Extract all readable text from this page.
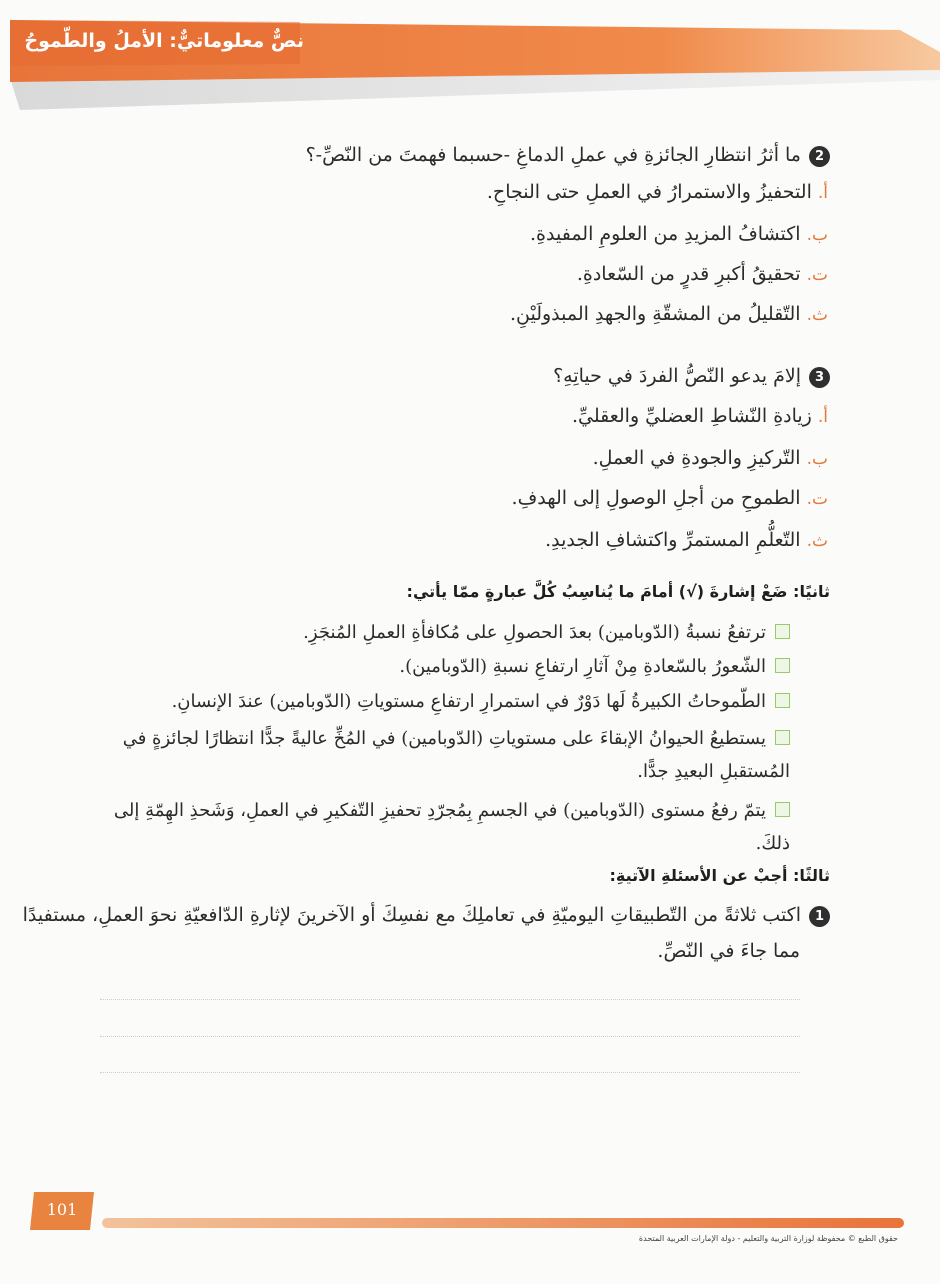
نصٌّ معلوماتيٌّ: الأملُ والطّموحُ
2ما أثرُ انتظارِ الجائزةِ في عملِ الدماغِ -حسبما فهمتَ من النّصِّ-؟
أ.التحفيزُ والاستمرارُ في العملِ حتى النجاحِ.
ب.اكتشافُ المزيدِ من العلومِ المفيدةِ.
ت.تحقيقُ أكبرِ قدرٍ من السّعادةِ.
ث.التّقليلُ من المشقّةِ والجهدِ المبذولَيْنِ.
3إلامَ يدعو النّصُّ الفردَ في حياتِهِ؟
أ.زيادةِ النّشاطِ العضليِّ والعقليِّ.
ب.التّركيزِ والجودةِ في العملِ.
ت.الطموحِ من أجلِ الوصولِ إلى الهدفِ.
ث.التّعلُّمِ المستمرِّ واكتشافِ الجديدِ.
ثانيًا: ضَعْ إشارةَ (√) أمامَ ما يُناسِبُ كُلَّ عبارةٍ ممّا يأتي:
ترتفعُ نسبةُ (الدّوبامين) بعدَ الحصولِ على مُكافأةِ العملِ المُنجَزِ.
الشّعورُ بالسّعادةِ مِنْ آثارِ ارتفاعِ نسبةِ (الدّوبامين).
الطّموحاتُ الكبيرةُ لَها دَوْرٌ في استمرارِ ارتفاعِ مستوياتِ (الدّوبامين) عندَ الإنسانِ.
يستطيعُ الحيوانُ الإبقاءَ على مستوياتِ (الدّوبامين) في المُخِّ عاليةً جدًّا انتظارًا لجائزةٍ في المُستقبلِ البعيدِ جدًّا.
يتمّ رفعُ مستوى (الدّوبامين) في الجسمِ بِمُجرّدِ تحفيزِ التّفكيرِ في العملِ، وَشَحذِ الهِمّةِ إلى ذلكَ.
ثالثًا: أجبْ عن الأسئلةِ الآتيةِ:
1اكتب ثلاثةً من التّطبيقاتِ اليوميّةِ في تعاملِكَ مع نفسِكَ أو الآخرينَ لإثارةِ الدّافعيّةِ نحوَ العملِ، مستفيدًا
مما جاءَ في النّصِّ.
101
حقوق الطبع © محفوظة لوزارة التربية والتعليم - دولة الإمارات العربية المتحدة
